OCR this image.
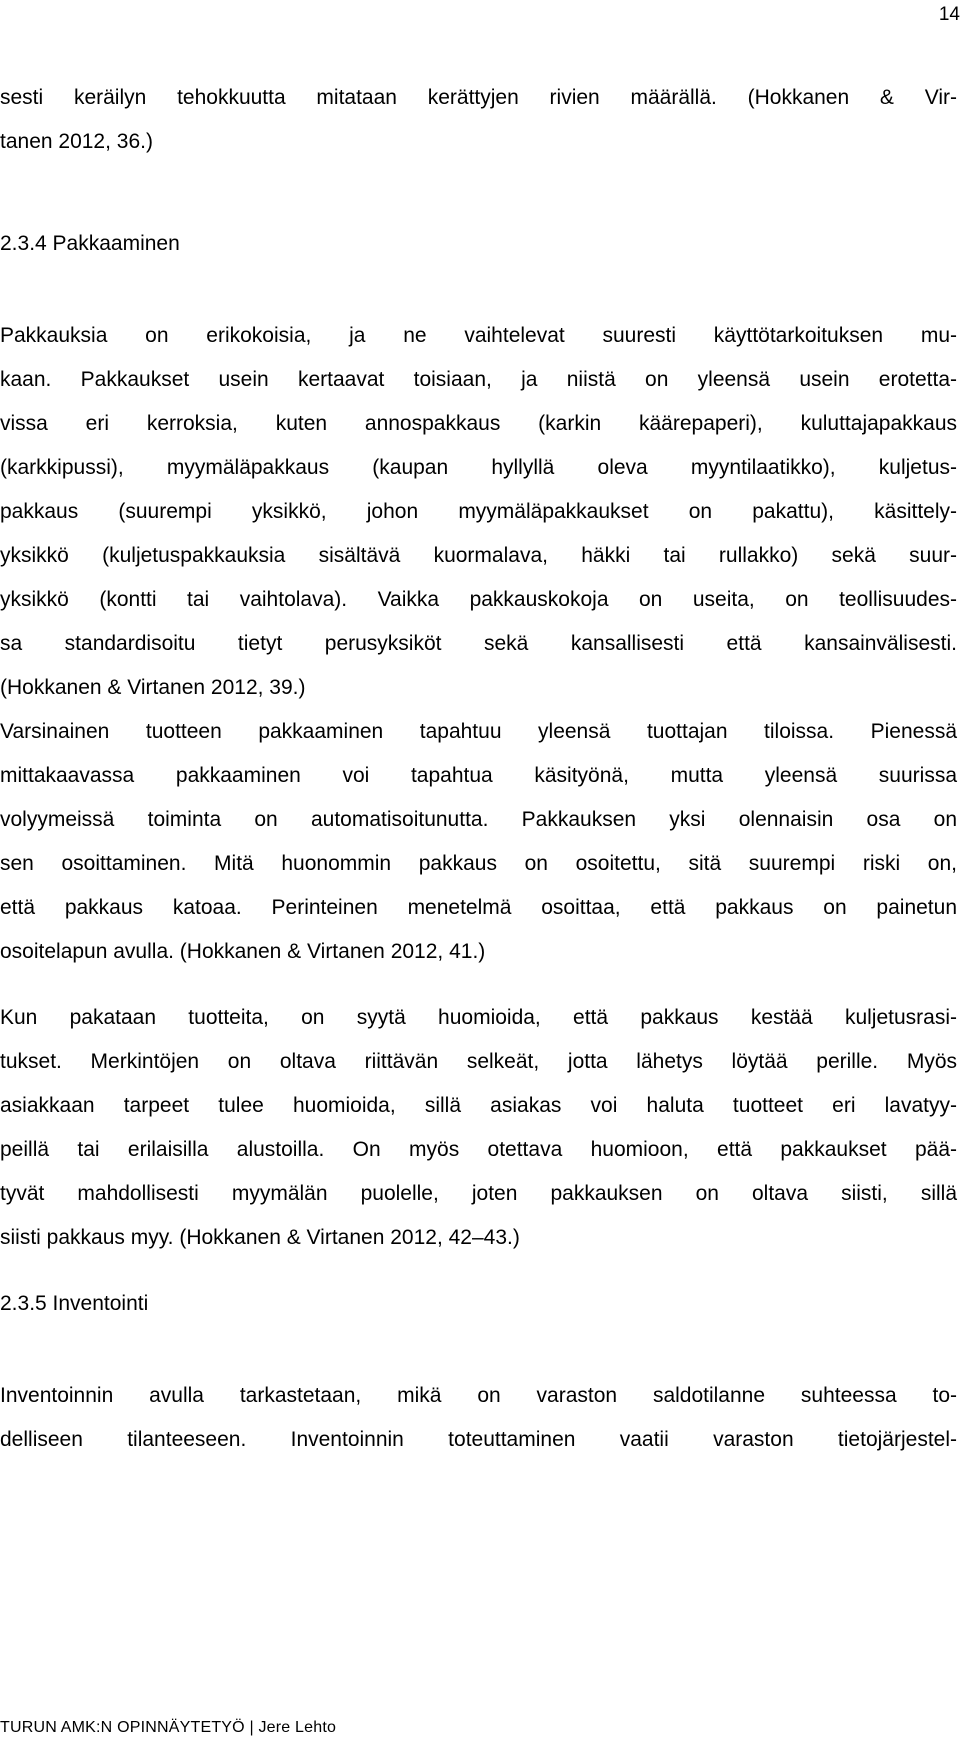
14
sesti keräilyn tehokkuutta mitataan kerättyjen rivien määrällä. (Hokkanen & Vir-
tanen 2012, 36.)
2.3.4 Pakkaaminen
Pakkauksia on erikokoisia, ja ne vaihtelevat suuresti käyttötarkoituksen mu-
kaan. Pakkaukset usein kertaavat toisiaan, ja niistä on yleensä usein erotetta-
vissa eri kerroksia, kuten annospakkaus (karkin käärepaperi), kuluttajapakkaus
(karkkipussi), myymäläpakkaus (kaupan hyllyllä oleva myyntilaatikko), kuljetus-
pakkaus (suurempi yksikkö, johon myymäläpakkaukset on pakattu), käsittely-
yksikkö (kuljetuspakkauksia sisältävä kuormalava, häkki tai rullakko) sekä suur-
yksikkö (kontti tai vaihtolava). Vaikka pakkauskokoja on useita, on teollisuudes-
sa standardisoitu tietyt perusyksiköt sekä kansallisesti että kansainvälisesti.
(Hokkanen & Virtanen 2012, 39.)
Varsinainen tuotteen pakkaaminen tapahtuu yleensä tuottajan tiloissa. Pienessä
mittakaavassa pakkaaminen voi tapahtua käsityönä, mutta yleensä suurissa
volyymeissä toiminta on automatisoitunutta. Pakkauksen yksi olennaisin osa on
sen osoittaminen. Mitä huonommin pakkaus on osoitettu, sitä suurempi riski on,
että pakkaus katoaa. Perinteinen menetelmä osoittaa, että pakkaus on painetun
osoitelapun avulla. (Hokkanen & Virtanen 2012, 41.)
Kun pakataan tuotteita, on syytä huomioida, että pakkaus kestää kuljetusrasi-
tukset. Merkintöjen on oltava riittävän selkeät, jotta lähetys löytää perille. Myös
asiakkaan tarpeet tulee huomioida, sillä asiakas voi haluta tuotteet eri lavatyy-
peillä tai erilaisilla alustoilla. On myös otettava huomioon, että pakkaukset pää-
tyvät mahdollisesti myymälän puolelle, joten pakkauksen on oltava siisti, sillä
siisti pakkaus myy. (Hokkanen & Virtanen 2012, 42–43.)
2.3.5 Inventointi
Inventoinnin avulla tarkastetaan, mikä on varaston saldotilanne suhteessa to-
delliseen tilanteeseen. Inventoinnin toteuttaminen vaatii varaston tietojärjestel-
TURUN AMK:N OPINNÄYTETYÖ | Jere Lehto
